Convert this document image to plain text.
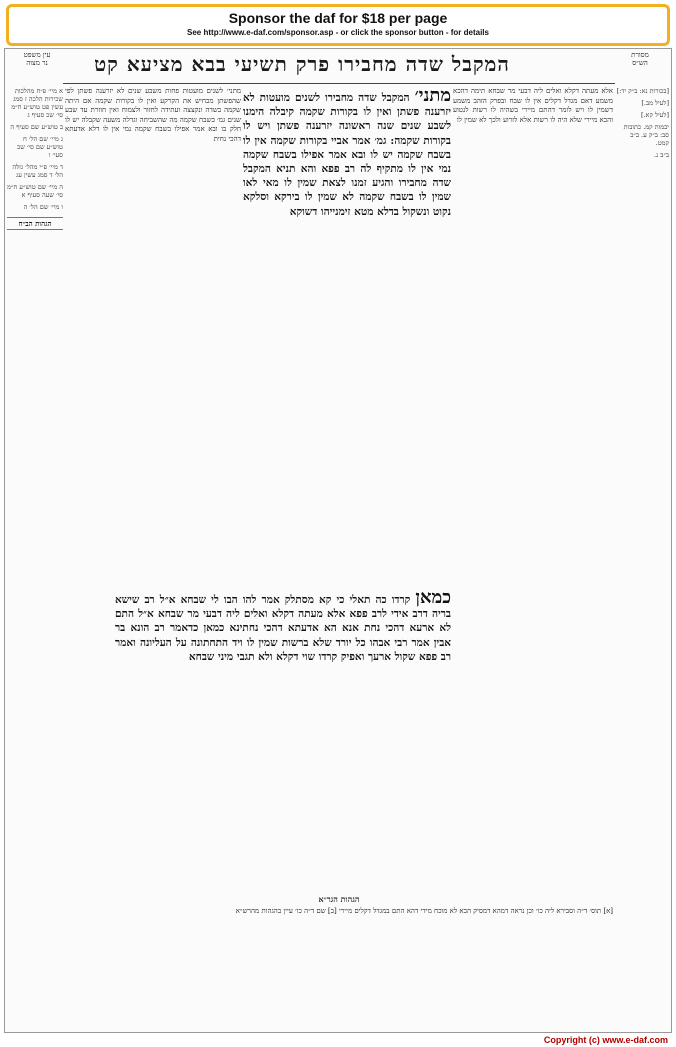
Sponsor the daf for $18 per page
See http://www.e-daf.com/sponsor.asp - or click the sponsor button - for details
עין משפט
נר מצוה	המקבל שדה מחבירו פרק תשיעי בבא מציעא קט	מסורת
הש״ס

א מיי׳ פ״ח מהלכות שכירות הלכה ז סמג עשין פט טוש״ע ח״מ סי׳ שכ סעיף ג

ב טוש״ע שם סעיף ה

ג מיי׳ שם הל׳ ח טוש״ע שם סי׳ שכ סעי׳ ו

ד מיי׳ פ״י מהל׳ גזלה הל׳ ד סמג עשין עג

ה מיי׳ שם טוש״ע ח״מ סי׳ שעה סעיף א

ו מיי׳ שם הל׳ ה

הגהות הב״ח
מתני׳ לשנים מועטות פחות משבע שנים לא יזרענה פשתן לפי שהפשתן מכחיש את הקרקע ואין לו בקורות שקמה אם היתה שקמה בשדה ונקצצה ועתידה לחזור ולצמוח ואין חוזרת עד שבע שנים גמ׳ בשבח שקמה מה שהשביחה וגדלה משעה שקבלה יש לו חלק בו ובא אמר אפילו בשבח שקמה נמי אין לו דלא אדעתא דהכי נחית
מתני׳ המקבל שדה מחבירו לשנים מועטות לא יזרענה פשתן ואין לו בקורות שקמה קיבלה הימנו לשבע שנים שנה ראשונה יזרענה פשתן ויש לו בקורות שקמה: גמ׳ אמר אביי בקורות שקמה אין לו בשבח שקמה יש לו ובא אמר אפילו בשבח שקמה נמי אין לו מתקיף לה רב פפא והא תניא המקבל שדה מחבירו והגיע זמנו לצאת שמין לו מאי לאו שמין לו בשבח שקמה לא שמין לו בירקא וסלקא נקוט ונשקול בדלא מטא זימנייהו דשוקא
כמאן קרדו כה תאלי כי קא מסתלק אמר להו הבו לי שבחא א״ל רב שישא בריה דרב אידי לרב פפא אלא מעתה דקלא ואלים ליה דבעי מר שבחא א״ל התם לא ארעא דהכי נחת אנא הא אדעתא דהכי נחתינא כמאן כדאמר רב הונא בר אבין אמר רבי אבהו כל יורד שלא ברשות שמין לו ויד התחתונה על העליונה ואמר רב פפא שקול ארעך ואפיק קרדו שוי דקלא ולא תגבי מיני שבחא
אלא מעתה דקלא ואלים ליה דבעי מר שבחא תימה דהכא משמע דאם מגדל דקלים אין לו שבח ובפרק הזהב משמע דשמין לו ויש לומר דהתם מיירי בשהיה לו רשות לנטוע והכא מיירי שלא היה לו רשות אלא לזרוע ולכך לא שמין לו

[בכורות נא: ב״ק יד:]

[לעיל מב.]

[לעיל קא.]

יבמות קמ. כתובות סב: ב״ק ע. ב״ב קמט.

ב״ב נ.

הגהות הגר״א
[א] תוס׳ ד״ה וסבירא ליה כו׳ וכן נראה דמהא דמסיק הכא לא מוכח מידי דהא התם במגדל דקלים מיירי [ב] שם ד״ה כו׳ עיין בהגהות מהרש״א
Copyright (c) www.e-daf.com
